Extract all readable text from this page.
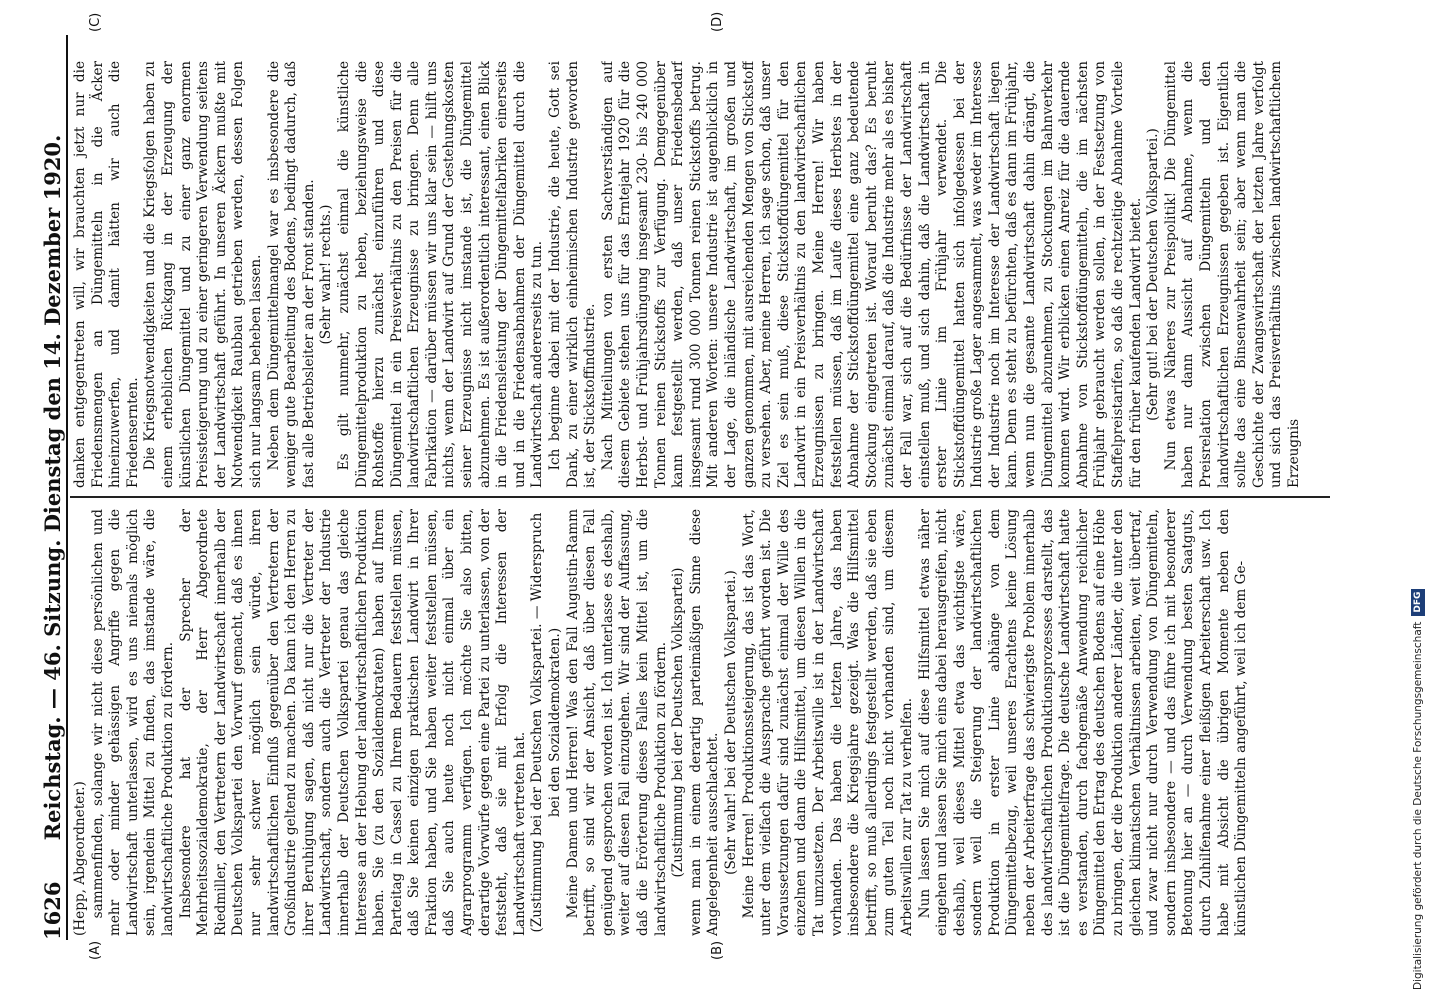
1626
Reichstag. — 46. Sitzung. Dienstag den 14. Dezember 1920.
(A)	(B)
(C)	(D)

(Hepp, Abgeordneter.) sammenfinden, solange wir nicht diese persönlichen und mehr oder minder gehässigen Angriffe gegen die Landwirtschaft unterlassen, wird es uns niemals möglich sein, irgendein Mittel zu finden, das imstande wäre, die landwirtschaftliche Produktion zu fördern. Insbesondere hat der Sprecher der Mehrheitssozialdemokratie, der Herr Abgeordnete Riedmiller, den Vertretern der Landwirtschaft innerhalb der Deutschen Volkspartei den Vorwurf gemacht, daß es ihnen nur sehr schwer möglich sein würde, ihren landwirtschaftlichen Einfluß gegenüber den Vertretern der Großindustrie geltend zu machen. Da kann ich den Herren zu ihrer Beruhigung sagen, daß nicht nur die Vertreter der Landwirtschaft, sondern auch die Vertreter der Industrie innerhalb der Deutschen Volkspartei genau das gleiche Interesse an der Hebung der landwirtschaftlichen Produktion haben. Sie (zu den Sozialdemokraten) haben auf Ihrem Parteitag in Cassel zu Ihrem Bedauern feststellen müssen, daß Sie keinen einzigen praktischen Landwirt in Ihrer Fraktion haben, und Sie haben weiter feststellen müssen, daß Sie auch heute noch nicht einmal über ein Agrarprogramm verfügen. Ich möchte Sie also bitten, derartige Vorwürfe gegen eine Partei zu unterlassen, von der feststeht, daß sie mit Erfolg die Interessen der Landwirtschaft vertreten hat. (Zustimmung bei der Deutschen Volkspartei. — Widerspruch bei den Sozialdemokraten.) Meine Damen und Herren! Was den Fall Augustin-Ramm betrifft, so sind wir der Ansicht, daß über diesen Fall genügend gesprochen worden ist. Ich unterlasse es deshalb, weiter auf diesen Fall einzugehen. Wir sind der Auffassung, daß die Erörterung dieses Falles kein Mittel ist, um die landwirtschaftliche Produktion zu fördern. (Zustimmung bei der Deutschen Volkspartei) wenn man in einem derartig parteimäßigen Sinne diese Angelegenheit ausschlachtet. (Sehr wahr! bei der Deutschen Volkspartei.) Meine Herren! Produktionssteigerung, das ist das Wort, unter dem vielfach die Aussprache geführt worden ist. Die Voraussetzungen dafür sind zunächst einmal der Wille des einzelnen und dann die Hilfsmittel, um diesen Willen in die Tat umzusetzen. Der Arbeitswille ist in der Landwirtschaft vorhanden. Das haben die letzten Jahre, das haben insbesondere die Kriegsjahre gezeigt. Was die Hilfsmittel betrifft, so muß allerdings festgestellt werden, daß sie eben zum guten Teil noch nicht vorhanden sind, um diesem Arbeitswillen zur Tat zu verhelfen. Nun lassen Sie mich auf diese Hilfsmittel etwas näher eingehen und lassen Sie mich eins dabei herausgreifen, nicht deshalb, weil dieses Mittel etwa das wichtigste wäre, sondern weil die Steigerung der landwirtschaftlichen Produktion in erster Linie abhänge von dem Düngemittelbezug, weil unseres Erachtens keine Lösung neben der Arbeiterfrage das schwierigste Problem innerhalb des landwirtschaftlichen Produktionsprozesses darstellt, das ist die Düngemittelfrage. Die deutsche Landwirtschaft hatte es verstanden, durch fachgemäße Anwendung reichlicher Düngemittel den Ertrag des deutschen Bodens auf eine Höhe zu bringen, der die Produktion anderer Länder, die unter den gleichen klimatischen Verhältnissen arbeiten, weit übertraf, und zwar nicht nur durch Verwendung von Düngemitteln, sondern insbesondere — und das führe ich mit besonderer Betonung hier an — durch Verwendung besten Saatguts, durch Zuhilfenahme einer fleißigen Arbeiterschaft usw. Ich habe mit Absicht die übrigen Momente neben den künstlichen Düngemitteln angeführt, weil ich dem Ge-

danken entgegentreten will, wir brauchten jetzt nur die Friedensmengen an Düngemitteln in die Äcker hineinzuwerfen, und damit hätten wir auch die Friedensernten. Die Kriegsnotwendigkeiten und die Kriegsfolgen haben zu einem erheblichen Rückgang in der Erzeugung der künstlichen Düngemittel und zu einer ganz enormen Preissteigerung und zu einer geringeren Verwendung seitens der Landwirtschaft geführt. In unseren Äckern mußte mit Notwendigkeit Raubbau getrieben werden, dessen Folgen sich nur langsam beheben lassen. Neben dem Düngemittelmangel war es insbesondere die weniger gute Bearbeitung des Bodens, bedingt dadurch, daß fast alle Betriebsleiter an der Front standen. (Sehr wahr! rechts.) Es gilt nunmehr, zunächst einmal die künstliche Düngemittelproduktion zu heben, beziehungsweise die Rohstoffe hierzu zunächst einzuführen und diese Düngemittel in ein Preisverhältnis zu den Preisen für die landwirtschaftlichen Erzeugnisse zu bringen. Denn alle Fabrikation — darüber müssen wir uns klar sein — hilft uns nichts, wenn der Landwirt auf Grund der Gestehungskosten seiner Erzeugnisse nicht imstande ist, die Düngemittel abzunehmen. Es ist außerordentlich interessant, einen Blick in die Friedensleistung der Düngemittelfabriken einerseits und in die Friedensabnahmen der Düngemittel durch die Landwirtschaft andererseits zu tun. Ich beginne dabei mit der Industrie, die heute, Gott sei Dank, zu einer wirklich einheimischen Industrie geworden ist, der Stickstoffindustrie. Nach Mitteilungen von ersten Sachverständigen auf diesem Gebiete stehen uns für das Erntejahr 1920 für die Herbst- und Frühjahrsdüngung insgesamt 230- bis 240 000 Tonnen reinen Stickstoffs zur Verfügung. Demgegenüber kann festgestellt werden, daß unser Friedensbedarf insgesamt rund 300 000 Tonnen reinen Stickstoffs betrug. Mit anderen Worten: unsere Industrie ist augenblicklich in der Lage, die inländische Landwirtschaft, im großen und ganzen genommen, mit ausreichenden Mengen von Stickstoff zu versehen. Aber, meine Herren, ich sage schon, daß unser Ziel es sein muß, diese Stickstoffdüngemittel für den Landwirt in ein Preisverhältnis zu den landwirtschaftlichen Erzeugnissen zu bringen. Meine Herren! Wir haben feststellen müssen, daß im Laufe dieses Herbstes in der Abnahme der Stickstoffdüngemittel eine ganz bedeutende Stockung eingetreten ist. Worauf beruht das? Es beruht zunächst einmal darauf, daß die Industrie mehr als es bisher der Fall war, sich auf die Bedürfnisse der Landwirtschaft einstellen muß, und sich dahin, daß die Landwirtschaft in erster Linie im Frühjahr verwendet. Die Stickstoffdüngemittel hatten sich infolgedessen bei der Industrie große Lager angesammelt, was weder im Interesse der Industrie noch im Interesse der Landwirtschaft liegen kann. Denn es steht zu befürchten, daß es dann im Frühjahr, wenn nun die gesamte Landwirtschaft dahin drängt, die Düngemittel abzunehmen, zu Stockungen im Bahnverkehr kommen wird. Wir erblicken einen Anreiz für die dauernde Abnahme von Stickstoffdüngemitteln, die im nächsten Frühjahr gebraucht werden sollen, in der Festsetzung von Staffelpreistarifen, so daß die rechtzeitige Abnahme Vorteile für den früher kaufenden Landwirt bietet. (Sehr gut! bei der Deutschen Volkspartei.) Nun etwas Näheres zur Preispolitik! Die Düngemittel haben nur dann Aussicht auf Abnahme, wenn die Preisrelation zwischen Düngemitteln und den landwirtschaftlichen Erzeugnissen gegeben ist. Eigentlich sollte das eine Binsenwahrheit sein; aber wenn man die Geschichte der Zwangswirtschaft der letzten Jahre verfolgt und sich das Preisverhältnis zwischen landwirtschaftlichem Erzeugnis

Digitalisierung gefördert durch die Deutsche ForschungsgemeinschaftDFG
